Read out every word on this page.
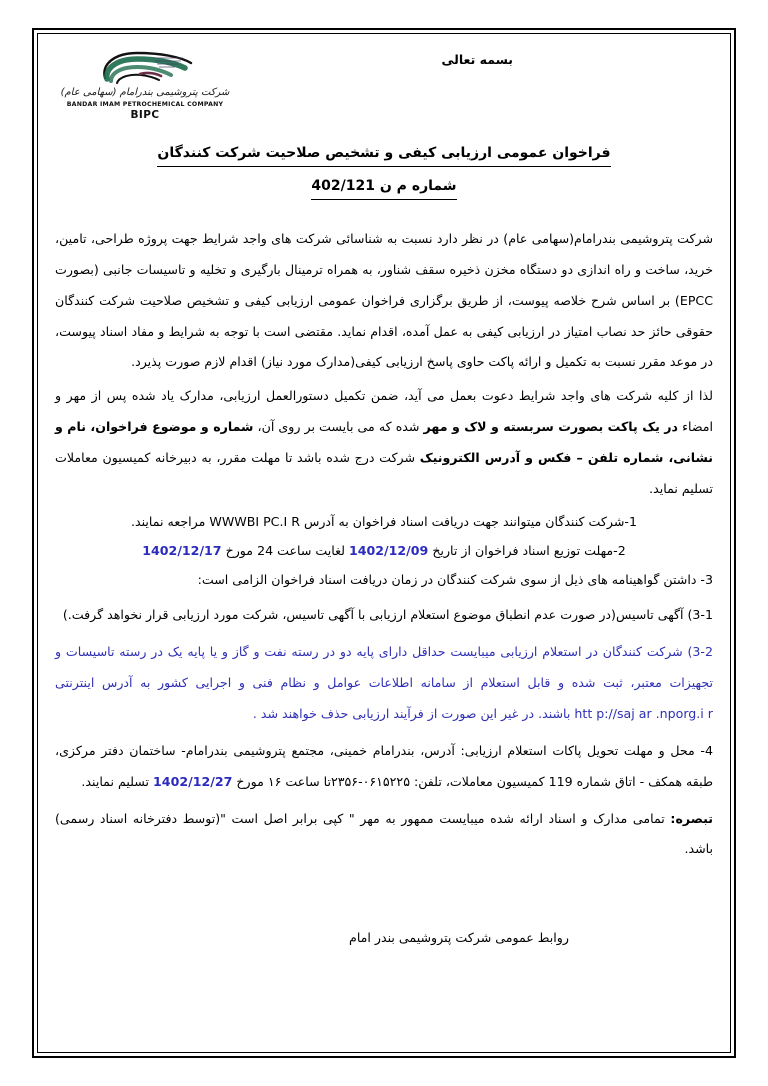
شرکت پتروشیمی بندرامام (سهامی عام)
BANDAR IMAM PETROCHEMICAL COMPANY
BIPC
بسمه تعالی
فراخوان عمومی ارزیابی کیفی و تشخیص صلاحیت شرکت کنندگان
شماره م ن 402/121

شرکت پتروشیمی بندرامام(سهامی عام) در نظر دارد نسبت به شناسائی شرکت های واجد شرایط جهت پروژه طراحی، تامین، خرید، ساخت و راه اندازی دو دستگاه مخزن ذخیره سقف شناور، به همراه ترمینال بارگیری و تخلیه و تاسیسات جانبی (بصورت EPCC) بر اساس شرح خلاصه پیوست، از طریق برگزاری فراخوان عمومی ارزیابی کیفی و تشخیص صلاحیت شرکت کنندگان حقوقی حائز حد نصاب امتیاز در ارزیابی کیفی به عمل آمده، اقدام نماید. مقتضی است با توجه به شرایط و مفاد اسناد پیوست، در موعد مقرر نسبت به تکمیل و ارائه پاکت حاوی پاسخ ارزیابی کیفی(مدارک مورد نیاز) اقدام لازم صورت پذیرد.

لذا از کلیه شرکت های واجد شرایط دعوت بعمل می آید، ضمن تکمیل دستورالعمل ارزیابی، مدارک یاد شده پس از مهر و امضاء در یک پاکت بصورت سربسته و لاک و مهر شده که می بایست بر روی آن، شماره و موضوع فراخوان، نام و نشانی، شماره تلفن – فکس و آدرس الکترونیک شرکت درج شده باشد تا مهلت مقرر، به دبیرخانه کمیسیون معاملات تسلیم نماید.

1-شرکت کنندگان میتوانند جهت دریافت اسناد فراخوان به آدرس WWWBI PC.I R مراجعه نمایند.

2-مهلت توزیع اسناد فراخوان از تاریخ 1402/12/09 لغایت ساعت 24 مورخ 1402/12/17

3- داشتن گواهینامه های ذیل از سوی شرکت کنندگان در زمان دریافت اسناد فراخوان الزامی است:

3-1) آگهی تاسیس(در صورت عدم انطباق موضوع استعلام ارزیابی با آگهی تاسیس، شرکت مورد ارزیابی قرار نخواهد گرفت.)

3-2) شرکت کنندگان در استعلام ارزیابی میبایست حداقل دارای پایه دو در رسته نفت و گاز و یا پایه یک در رسته تاسیسات و تجهیزات معتبر، ثبت شده و قابل استعلام از سامانه اطلاعات عوامل و نظام فنی و اجرایی کشور به آدرس اینترنتی htt p://saj ar .nporg.i r باشند. در غیر این صورت از فرآیند ارزیابی حذف خواهند شد .

4- محل و مهلت تحویل پاکات استعلام ارزیابی: آدرس، بندرامام خمینی، مجتمع پتروشیمی بندرامام- ساختمان دفتر مرکزی، طبقه همکف - اتاق شماره 119 کمیسیون معاملات، تلفن: ۰۶۱۵۲۲۵-۲۳۵۶تا ساعت ۱۶ مورخ 1402/12/27 تسلیم نمایند.

تبصره: تمامی مدارک و اسناد ارائه شده میبایست ممهور به مهر " کپی برابر اصل است "(توسط دفترخانه اسناد رسمی) باشد.

روابط عمومی شرکت پتروشیمی بندر امام
